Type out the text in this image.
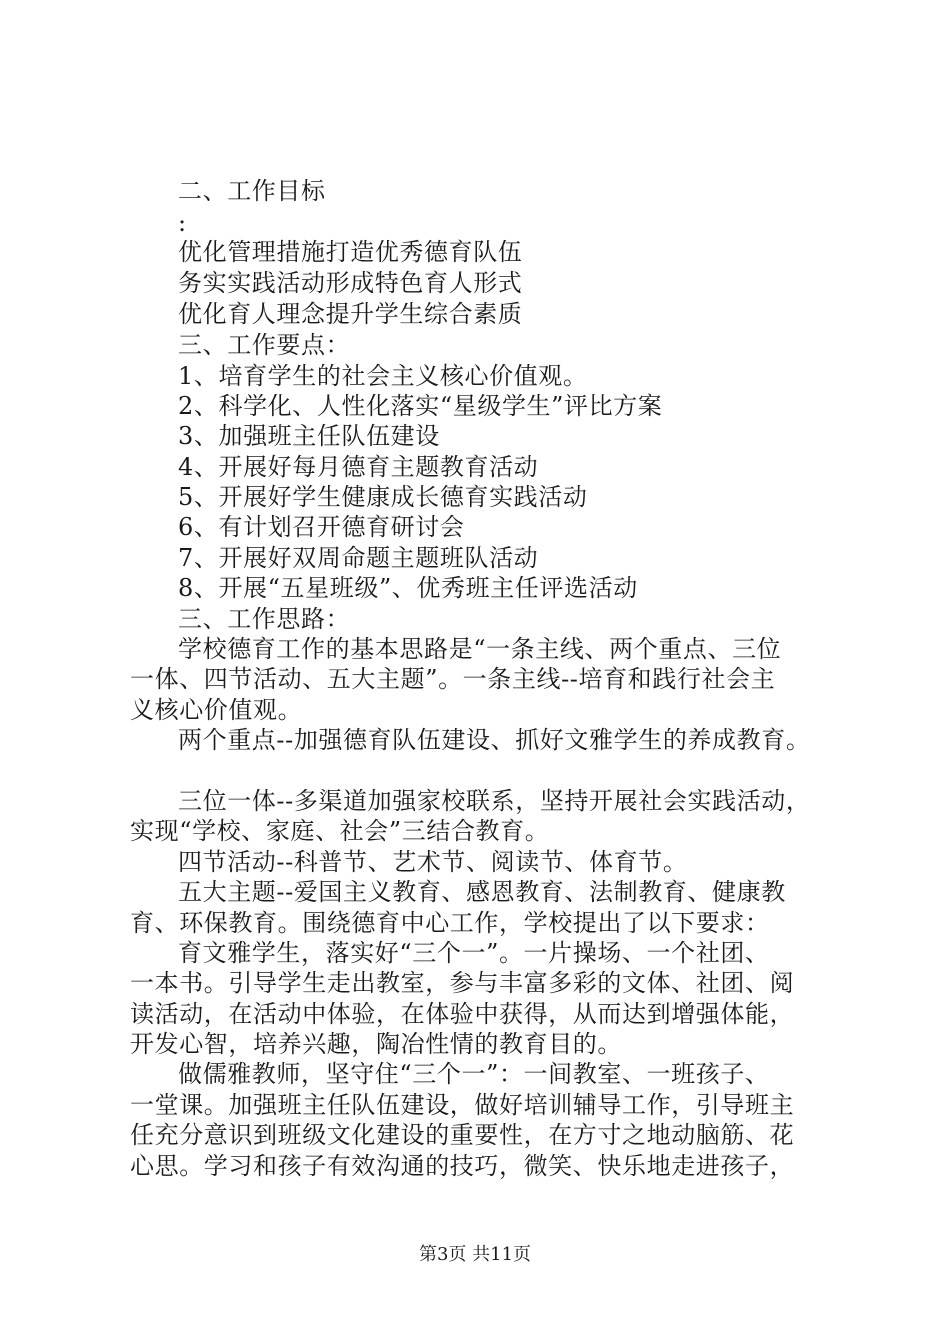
二、工作目标
:
优化管理措施打造优秀德育队伍
务实实践活动形成特色育人形式
优化育人理念提升学生综合素质
三、工作要点：
1、培育学生的社会主义核心价值观。
2、科学化、人性化落实“星级学生”评比方案
3、加强班主任队伍建设
4、开展好每月德育主题教育活动
5、开展好学生健康成长德育实践活动
6、有计划召开德育研讨会
7、开展好双周命题主题班队活动
8、开展“五星班级”、优秀班主任评选活动
三、工作思路：
学校德育工作的基本思路是“一条主线、两个重点、三位
一体、四节活动、五大主题”。一条主线--培育和践行社会主
义核心价值观。
两个重点--加强德育队伍建设、抓好文雅学生的养成教育。
三位一体--多渠道加强家校联系，坚持开展社会实践活动，
实现“学校、家庭、社会”三结合教育。
四节活动--科普节、艺术节、阅读节、体育节。
五大主题--爱国主义教育、感恩教育、法制教育、健康教
育、环保教育。围绕德育中心工作，学校提出了以下要求：
育文雅学生，落实好“三个一”。一片操场、一个社团、
一本书。引导学生走出教室，参与丰富多彩的文体、社团、阅
读活动，在活动中体验，在体验中获得，从而达到增强体能，
开发心智，培养兴趣，陶冶性情的教育目的。
做儒雅教师，坚守住“三个一”：一间教室、一班孩子、
一堂课。加强班主任队伍建设，做好培训辅导工作，引导班主
任充分意识到班级文化建设的重要性，在方寸之地动脑筋、花
心思。学习和孩子有效沟通的技巧，微笑、快乐地走进孩子，
第3页 共11页
